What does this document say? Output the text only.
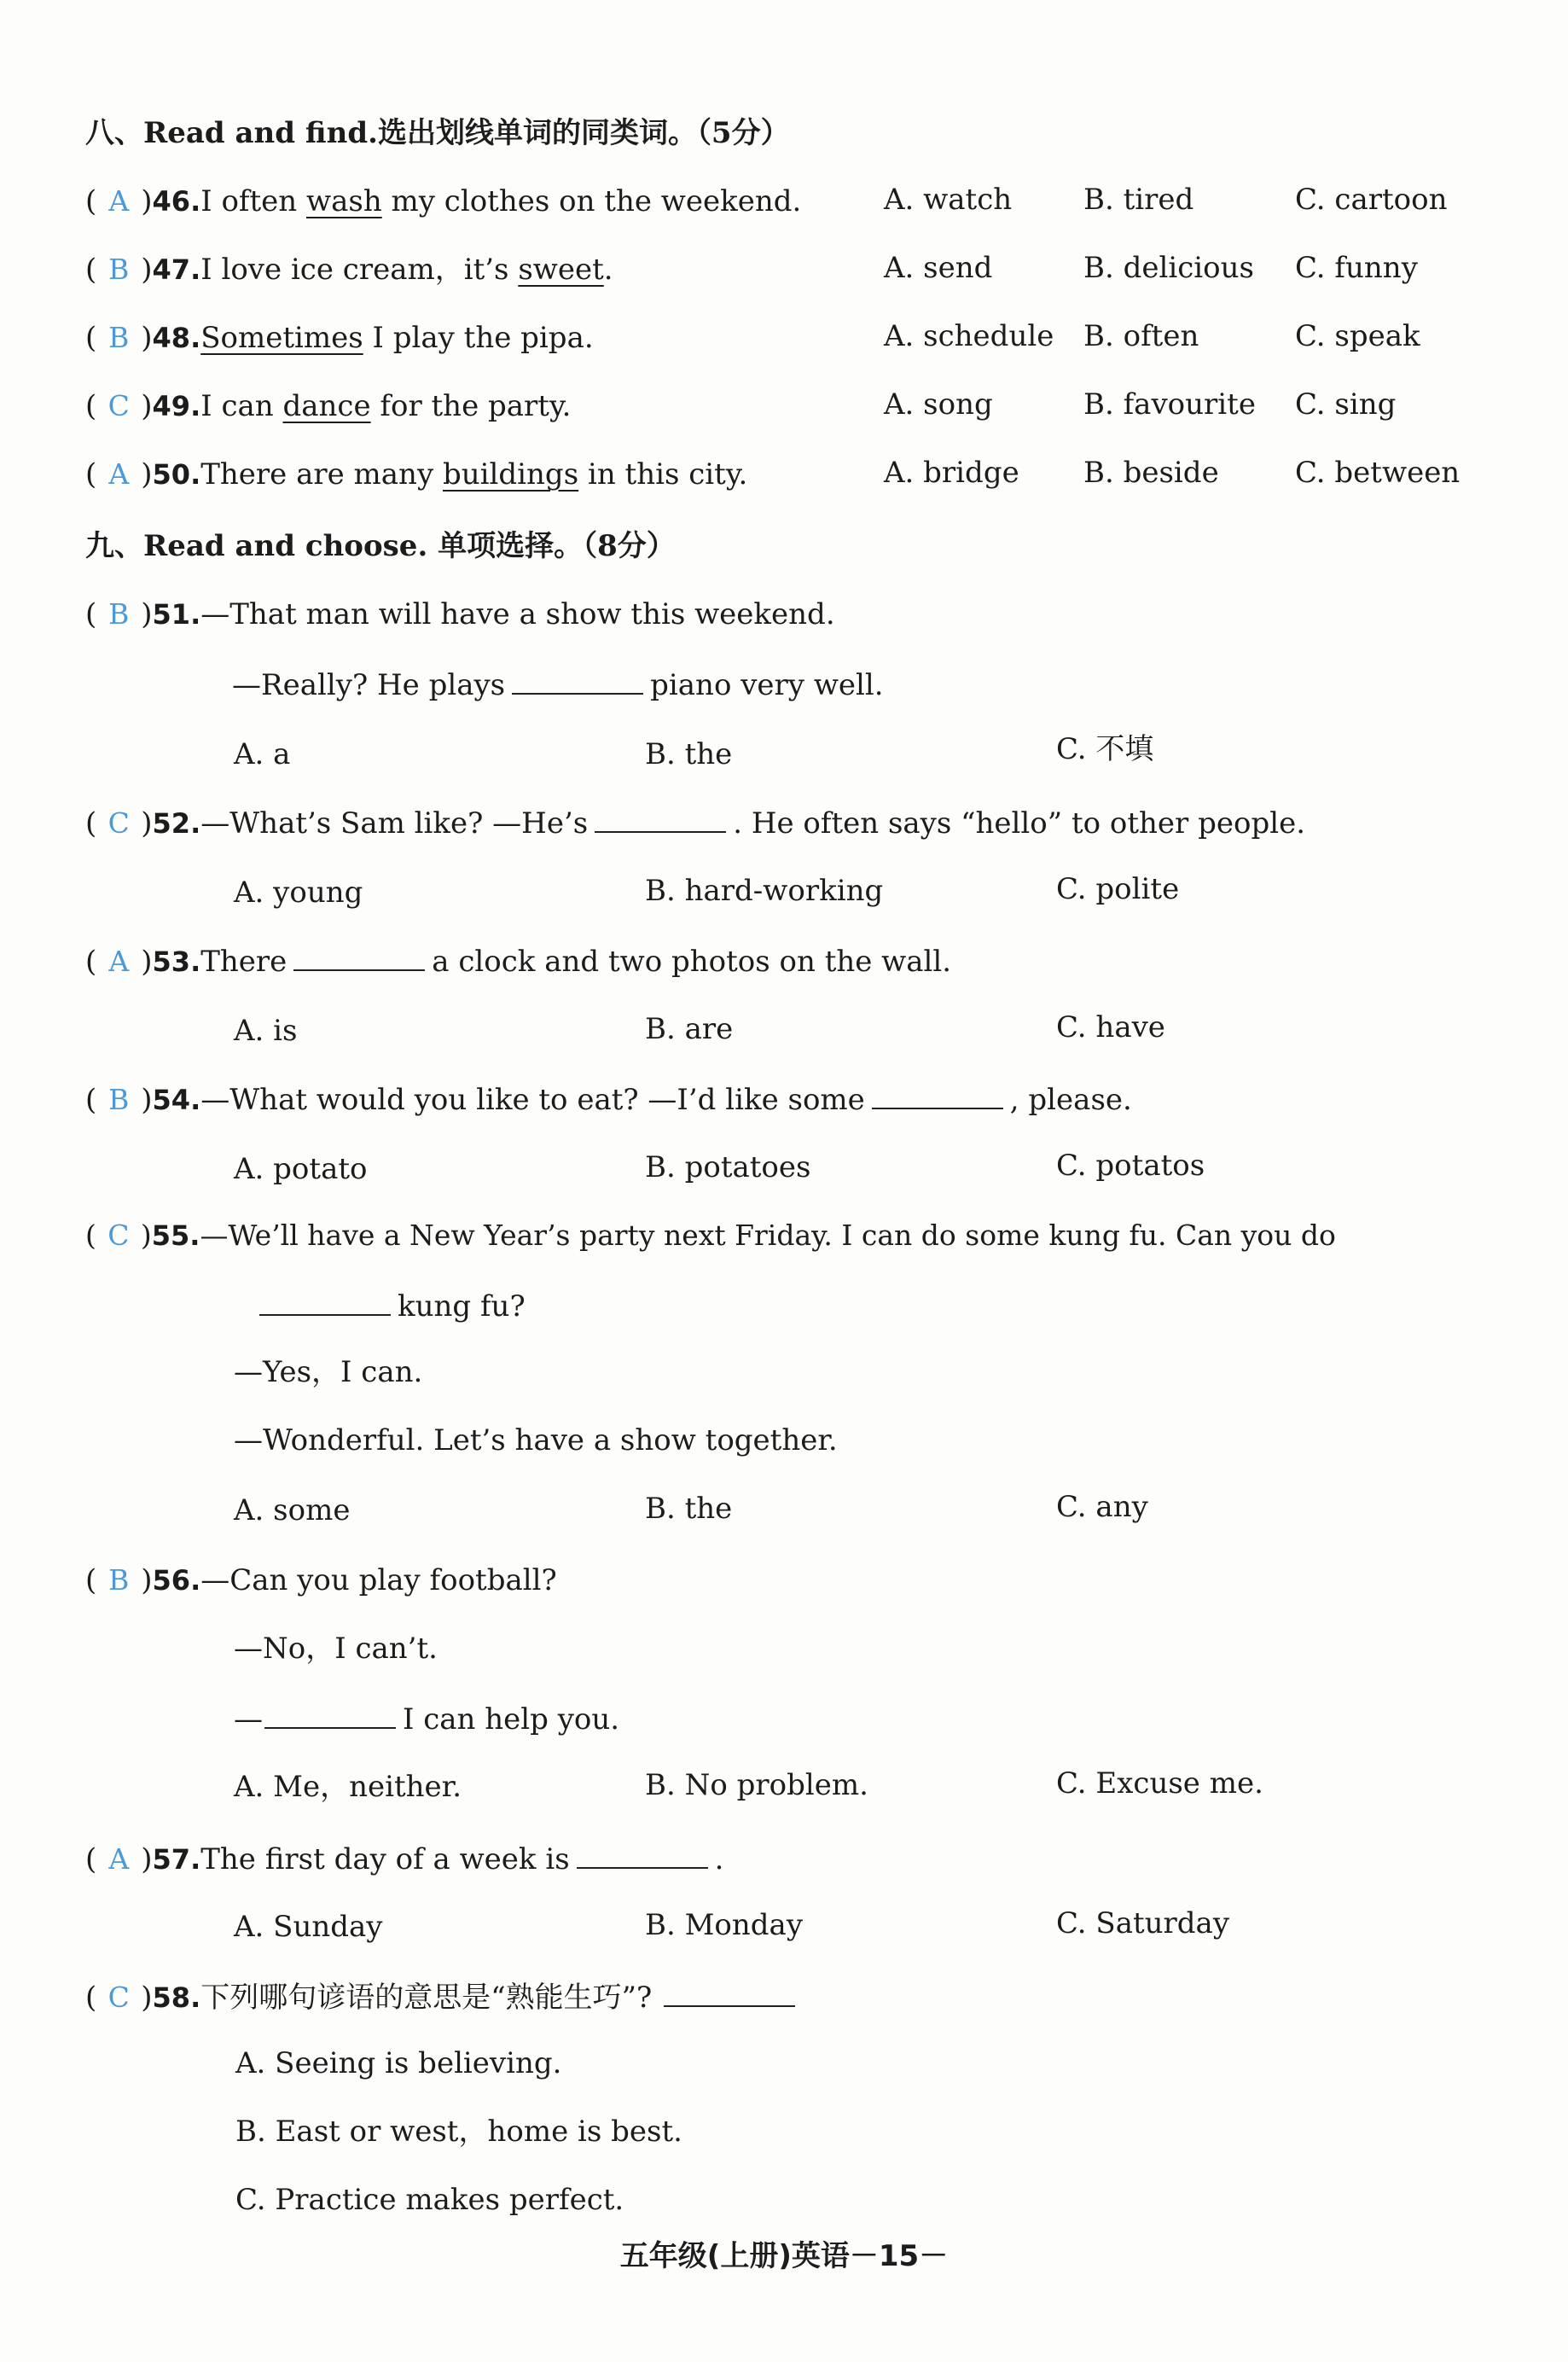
八、Read and find.选出划线单词的同类词。（5分）
( A )46.I often wash my clothes on the weekend.	A. watch B. tired	C. cartoon
( B )47.I love ice cream，it’s sweet.	A. send	B. delicious C. funny
( B )48.Sometimes I play the pipa.	A. schedule B. often	C. speak
( C )49.I can dance for the party.	A. song	B. favourite C. sing
( A )50.There are many buildings in this city.	A. bridge B. beside	C. between
九、Read and choose. 单项选择。（8分）
( B )51.—That man will have a show this weekend.
—Really? He plays	piano very well.
A. a	B. the	C. 不填
( C )52.—What’s Sam like? —He’s	. He often says “hello” to other people.
A. young	B. hard-working	C. polite
( A )53.There	a clock and two photos on the wall.
A. is	B. are	C. have
( B )54.—What would you like to eat? —I’d like some	, please.
A. potato	B. potatoes	C. potatos
( C )55.—We’ll have a New Year’s party next Friday. I can do some kung fu. Can you do
kung fu?
—Yes，I can.
—Wonderful. Let’s have a show together.
A. some	B. the	C. any
( B )56.—Can you play football?
—No，I can’t.
—	I can help you.
A. Me，neither.	B. No problem.	C. Excuse me.
( A )57.The first day of a week is	.
A. Sunday	B. Monday	C. Saturday
( C )58.下列哪句谚语的意思是“熟能生巧”?
A. Seeing is believing.
B. East or west，home is best.
C. Practice makes perfect.
五年级(上册)英语－15－
